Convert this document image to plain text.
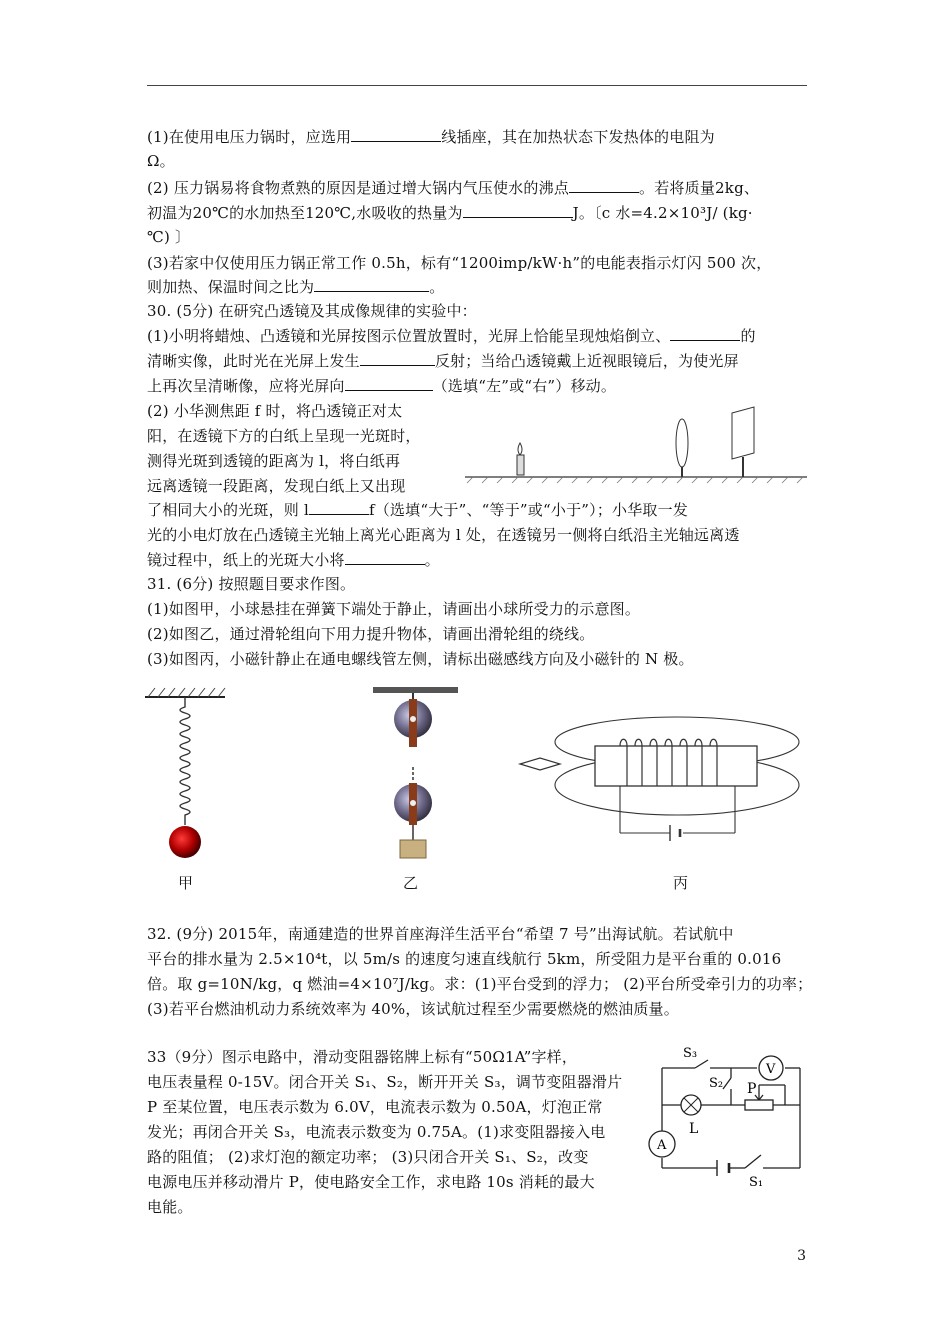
(1)在使用电压力锅时，应选用	线插座，其在加热状态下发热体的电阻为
Ω。
(2) 压力锅易将食物煮熟的原因是通过增大锅内气压使水的沸点	。若将质量2kg、
初温为20℃的水加热至120℃,水吸收的热量为	J。〔c 水=4.2×10³J/ (kg·
℃) 〕
(3)若家中仅使用压力锅正常工作 0.5h，标有“1200imp/kW·h”的电能表指示灯闪 500 次，
则加热、保温时间之比为	。
30. (5分) 在研究凸透镜及其成像规律的实验中：
(1)小明将蜡烛、凸透镜和光屏按图示位置放置时，光屏上恰能呈现烛焰倒立、	的
清晰实像，此时光在光屏上发生	反射；当给凸透镜戴上近视眼镜后，为使光屏
上再次呈清晰像，应将光屏向	（选填“左”或“右”）移动。
(2) 小华测焦距 f 时，将凸透镜正对太
阳，在透镜下方的白纸上呈现一光斑时，
测得光斑到透镜的距离为 l，将白纸再
远离透镜一段距离，发现白纸上又出现
了相同大小的光斑，则 l	f（选填“大于”、“等于”或“小于”）；小华取一发
光的小电灯放在凸透镜主光轴上离光心距离为 l 处，在透镜另一侧将白纸沿主光轴远离透
镜过程中，纸上的光斑大小将	。
31. (6分) 按照题目要求作图。
(1)如图甲，小球悬挂在弹簧下端处于静止，请画出小球所受力的示意图。
(2)如图乙，通过滑轮组向下用力提升物体，请画出滑轮组的绕线。
(3)如图丙，小磁针静止在通电螺线管左侧，请标出磁感线方向及小磁针的 N 极。
甲	乙	丙
32. (9分) 2015年，南通建造的世界首座海洋生活平台“希望 7 号”出海试航。若试航中
平台的排水量为 2.5×10⁴t，以 5m/s 的速度匀速直线航行 5km，所受阻力是平台重的 0.016
倍。取 g=10N/kg，q 燃油=4×10⁷J/kg。求：(1)平台受到的浮力； (2)平台所受牵引力的功率；
(3)若平台燃油机动力系统效率为 40%，该试航过程至少需要燃烧的燃油质量。
33（9分）图示电路中，滑动变阻器铭牌上标有“50Ω1A”字样，
电压表量程 0-15V。闭合开关 S₁、S₂，断开开关 S₃，调节变阻器滑片
P 至某位置，电压表示数为 6.0V，电流表示数为 0.50A，灯泡正常
发光；再闭合开关 S₃，电流表示数变为 0.75A。(1)求变阻器接入电
路的阻值； (2)求灯泡的额定功率； (3)只闭合开关 S₁、S₂，改变
电源电压并移动滑片 P，使电路安全工作，求电路 10s 消耗的最大
电能。
S₃
V
S₂ P
L
A
S₁
3
